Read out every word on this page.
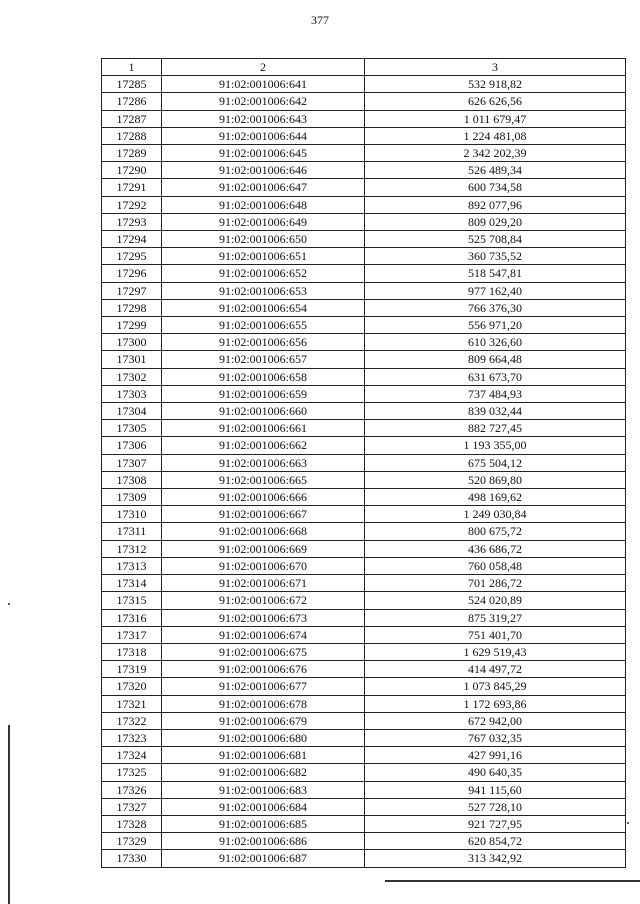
377
1	2	3
17285	91:02:001006:641	532 918,82
17286	91:02:001006:642	626 626,56
17287	91:02:001006:643	1 011 679,47
17288	91:02:001006:644	1 224 481,08
17289	91:02:001006:645	2 342 202,39
17290	91:02:001006:646	526 489,34
17291	91:02:001006:647	600 734,58
17292	91:02:001006:648	892 077,96
17293	91:02:001006:649	809 029,20
17294	91:02:001006:650	525 708,84
17295	91:02:001006:651	360 735,52
17296	91:02:001006:652	518 547,81
17297	91:02:001006:653	977 162,40
17298	91:02:001006:654	766 376,30
17299	91:02:001006:655	556 971,20
17300	91:02:001006:656	610 326,60
17301	91:02:001006:657	809 664,48
17302	91:02:001006:658	631 673,70
17303	91:02:001006:659	737 484,93
17304	91:02:001006:660	839 032,44
17305	91:02:001006:661	882 727,45
17306	91:02:001006:662	1 193 355,00
17307	91:02:001006:663	675 504,12
17308	91:02:001006:665	520 869,80
17309	91:02:001006:666	498 169,62
17310	91:02:001006:667	1 249 030,84
17311	91:02:001006:668	800 675,72
17312	91:02:001006:669	436 686,72
17313	91:02:001006:670	760 058,48
17314	91:02:001006:671	701 286,72
17315	91:02:001006:672	524 020,89
17316	91:02:001006:673	875 319,27
17317	91:02:001006:674	751 401,70
17318	91:02:001006:675	1 629 519,43
17319	91:02:001006:676	414 497,72
17320	91:02:001006:677	1 073 845,29
17321	91:02:001006:678	1 172 693,86
17322	91:02:001006:679	672 942,00
17323	91:02:001006:680	767 032,35
17324	91:02:001006:681	427 991,16
17325	91:02:001006:682	490 640,35
17326	91:02:001006:683	941 115,60
17327	91:02:001006:684	527 728,10
17328	91:02:001006:685	921 727,95
17329	91:02:001006:686	620 854,72
17330	91:02:001006:687	313 342,92
